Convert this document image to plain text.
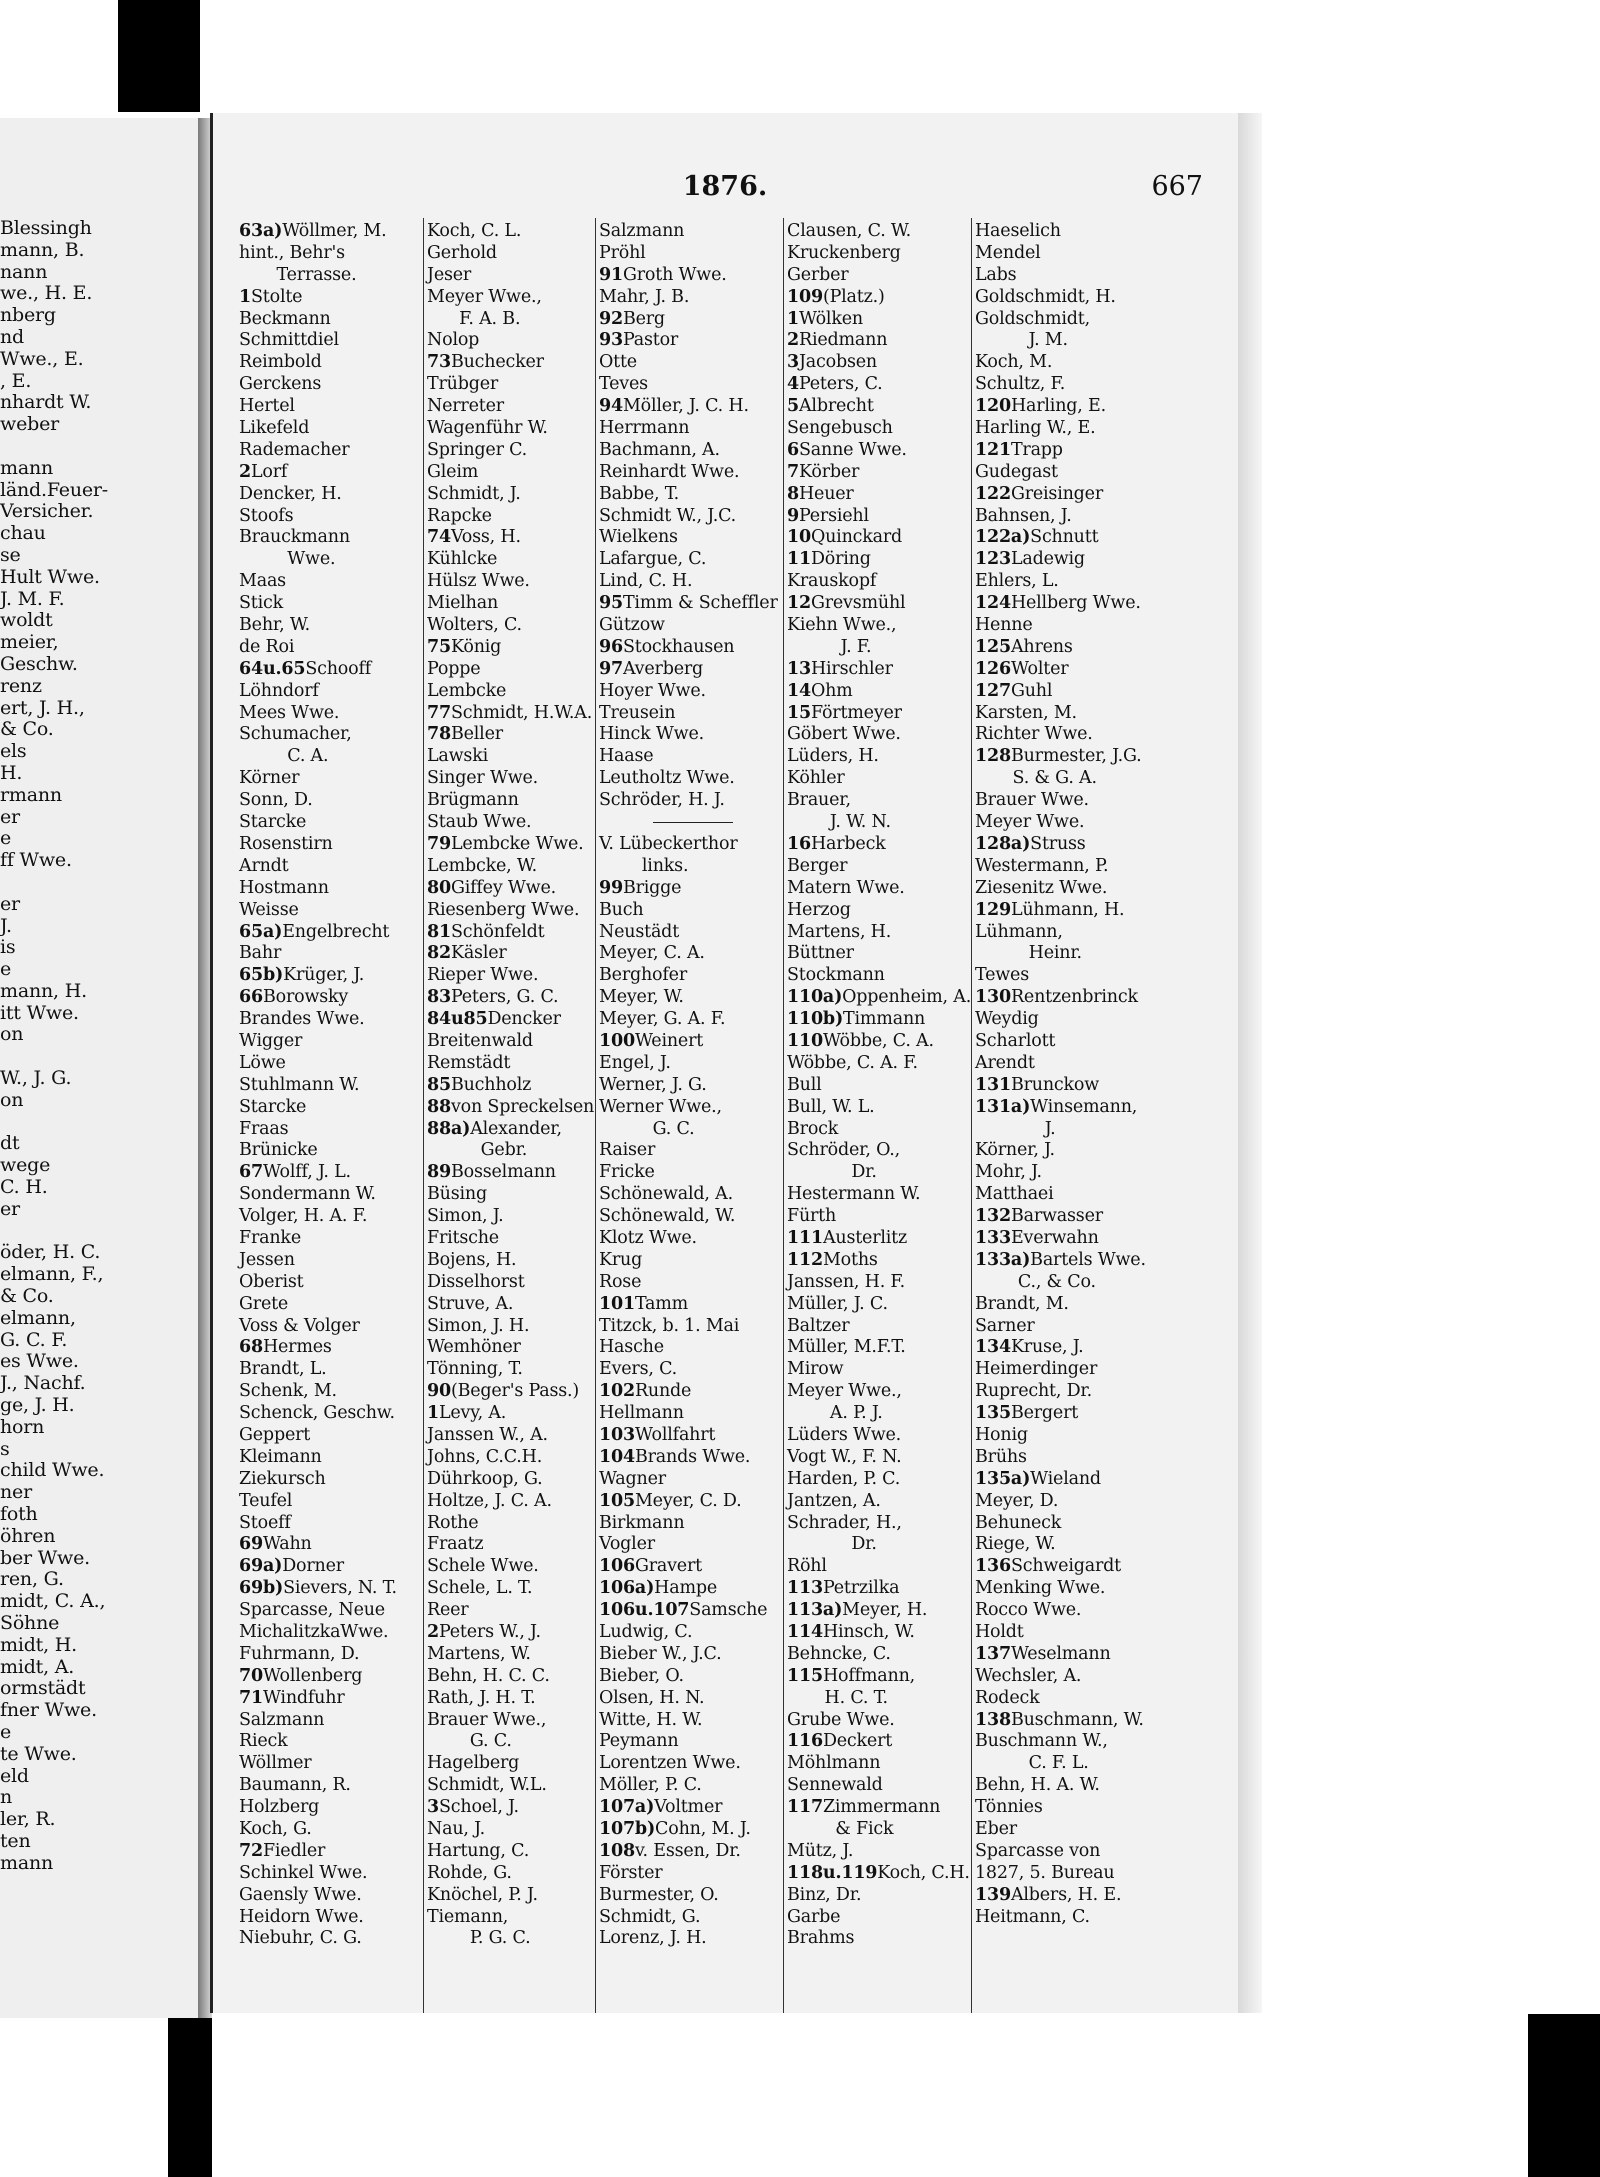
Blessingh
mann, B.
nann
we., H. E.
nberg
nd
Wwe., E.
, E.
nhardt W.
weber
mann
länd.Feuer-
Versicher.
chau
se
Hult Wwe.
J. M. F.
woldt
meier,
Geschw.
renz
ert, J. H.,
& Co.
els
H.
rmann
er
e
ff Wwe.
er
J.
is
e
mann, H.
itt Wwe.
on
W., J. G.
on
dt
wege
C. H.
er
öder, H. C.
elmann, F.,
& Co.
elmann,
G. C. F.
es Wwe.
J., Nachf.
ge, J. H.
horn
s
child Wwe.
ner
foth
öhren
ber Wwe.
ren, G.
midt, C. A.,
Söhne
midt, H.
midt, A.
ormstädt
fner Wwe.
e
te Wwe.
eld
n
ler, R.
ten
mann
1876.	667
63a)Wöllmer, M.
hint., Behr's
Terrasse.
1Stolte
Beckmann
Schmittdiel
Reimbold
Gerckens
Hertel
Likefeld
Rademacher
2Lorf
Dencker, H.
Stoofs
Brauckmann
Wwe.
Maas
Stick
Behr, W.
de Roi
64u.65Schooff
Löhndorf
Mees Wwe.
Schumacher,
C. A.
Körner
Sonn, D.
Starcke
Rosenstirn
Arndt
Hostmann
Weisse
65a)Engelbrecht
Bahr
65b)Krüger, J.
66Borowsky
Brandes Wwe.
Wigger
Löwe
Stuhlmann W.
Starcke
Fraas
Brünicke
67Wolff, J. L.
Sondermann W.
Volger, H. A. F.
Franke
Jessen
Oberist
Grete
Voss & Volger
68Hermes
Brandt, L.
Schenk, M.
Schenck, Geschw.
Geppert
Kleimann
Ziekursch
Teufel
Stoeff
69Wahn
69a)Dorner
69b)Sievers, N. T.
Sparcasse, Neue
MichalitzkaWwe.
Fuhrmann, D.
70Wollenberg
71Windfuhr
Salzmann
Rieck
Wöllmer
Baumann, R.
Holzberg
Koch, G.
72Fiedler
Schinkel Wwe.
Gaensly Wwe.
Heidorn Wwe.
Niebuhr, C. G.
Koch, C. L.
Gerhold
Jeser
Meyer Wwe.,
F. A. B.
Nolop
73Buchecker
Trübger
Nerreter
Wagenführ W.
Springer C.
Gleim
Schmidt, J.
Rapcke
74Voss, H.
Kühlcke
Hülsz Wwe.
Mielhan
Wolters, C.
75König
Poppe
Lembcke
77Schmidt, H.W.A.
78Beller
Lawski
Singer Wwe.
Brügmann
Staub Wwe.
79Lembcke Wwe.
Lembcke, W.
80Giffey Wwe.
Riesenberg Wwe.
81Schönfeldt
82Käsler
Rieper Wwe.
83Peters, G. C.
84u85Dencker
Breitenwald
Remstädt
85Buchholz
88von Spreckelsen
88a)Alexander,
Gebr.
89Bosselmann
Büsing
Simon, J.
Fritsche
Bojens, H.
Disselhorst
Struve, A.
Simon, J. H.
Wemhöner
Tönning, T.
90(Beger's Pass.)
1Levy, A.
Janssen W., A.
Johns, C.C.H.
Dührkoop, G.
Holtze, J. C. A.
Rothe
Fraatz
Schele Wwe.
Schele, L. T.
Reer
2Peters W., J.
Martens, W.
Behn, H. C. C.
Rath, J. H. T.
Brauer Wwe.,
G. C.
Hagelberg
Schmidt, W.L.
3Schoel, J.
Nau, J.
Hartung, C.
Rohde, G.
Knöchel, P. J.
Tiemann,
P. G. C.
Salzmann
Pröhl
91Groth Wwe.
Mahr, J. B.
92Berg
93Pastor
Otte
Teves
94Möller, J. C. H.
Herrmann
Bachmann, A.
Reinhardt Wwe.
Babbe, T.
Schmidt W., J.C.
Wielkens
Lafargue, C.
Lind, C. H.
95Timm & Scheffler
Gützow
96Stockhausen
97Averberg
Hoyer Wwe.
Treusein
Hinck Wwe.
Haase
Leutholtz Wwe.
Schröder, H. J.
V. Lübeckerthor
links.
99Brigge
Buch
Neustädt
Meyer, C. A.
Berghofer
Meyer, W.
Meyer, G. A. F.
100Weinert
Engel, J.
Werner, J. G.
Werner Wwe.,
G. C.
Raiser
Fricke
Schönewald, A.
Schönewald, W.
Klotz Wwe.
Krug
Rose
101Tamm
Titzck, b. 1. Mai
Hasche
Evers, C.
102Runde
Hellmann
103Wollfahrt
104Brands Wwe.
Wagner
105Meyer, C. D.
Birkmann
Vogler
106Gravert
106a)Hampe
106u.107Samsche
Ludwig, C.
Bieber W., J.C.
Bieber, O.
Olsen, H. N.
Witte, H. W.
Peymann
Lorentzen Wwe.
Möller, P. C.
107a)Voltmer
107b)Cohn, M. J.
108v. Essen, Dr.
Förster
Burmester, O.
Schmidt, G.
Lorenz, J. H.
Clausen, C. W.
Kruckenberg
Gerber
109(Platz.)
1Wölken
2Riedmann
3Jacobsen
4Peters, C.
5Albrecht
Sengebusch
6Sanne Wwe.
7Körber
8Heuer
9Persiehl
10Quinckard
11Döring
Krauskopf
12Grevsmühl
Kiehn Wwe.,
J. F.
13Hirschler
14Ohm
15Förtmeyer
Göbert Wwe.
Lüders, H.
Köhler
Brauer,
J. W. N.
16Harbeck
Berger
Matern Wwe.
Herzog
Martens, H.
Büttner
Stockmann
110a)Oppenheim, A.
110b)Timmann
110Wöbbe, C. A.
Wöbbe, C. A. F.
Bull
Bull, W. L.
Brock
Schröder, O.,
Dr.
Hestermann W.
Fürth
111Austerlitz
112Moths
Janssen, H. F.
Müller, J. C.
Baltzer
Müller, M.F.T.
Mirow
Meyer Wwe.,
A. P. J.
Lüders Wwe.
Vogt W., F. N.
Harden, P. C.
Jantzen, A.
Schrader, H.,
Dr.
Röhl
113Petrzilka
113a)Meyer, H.
114Hinsch, W.
Behncke, C.
115Hoffmann,
H. C. T.
Grube Wwe.
116Deckert
Möhlmann
Sennewald
117Zimmermann
& Fick
Mütz, J.
118u.119Koch, C.H.
Binz, Dr.
Garbe
Brahms
Haeselich
Mendel
Labs
Goldschmidt, H.
Goldschmidt,
J. M.
Koch, M.
Schultz, F.
120Harling, E.
Harling W., E.
121Trapp
Gudegast
122Greisinger
Bahnsen, J.
122a)Schnutt
123Ladewig
Ehlers, L.
124Hellberg Wwe.
Henne
125Ahrens
126Wolter
127Guhl
Karsten, M.
Richter Wwe.
128Burmester, J.G.
S. & G. A.
Brauer Wwe.
Meyer Wwe.
128a)Struss
Westermann, P.
Ziesenitz Wwe.
129Lühmann, H.
Lühmann,
Heinr.
Tewes
130Rentzenbrinck
Weydig
Scharlott
Arendt
131Brunckow
131a)Winsemann,
J.
Körner, J.
Mohr, J.
Matthaei
132Barwasser
133Everwahn
133a)Bartels Wwe.
C., & Co.
Brandt, M.
Sarner
134Kruse, J.
Heimerdinger
Ruprecht, Dr.
135Bergert
Honig
Brühs
135a)Wieland
Meyer, D.
Behuneck
Riege, W.
136Schweigardt
Menking Wwe.
Rocco Wwe.
Holdt
137Weselmann
Wechsler, A.
Rodeck
138Buschmann, W.
Buschmann W.,
C. F. L.
Behn, H. A. W.
Tönnies
Eber
Sparcasse von
1827, 5. Bureau
139Albers, H. E.
Heitmann, C.
